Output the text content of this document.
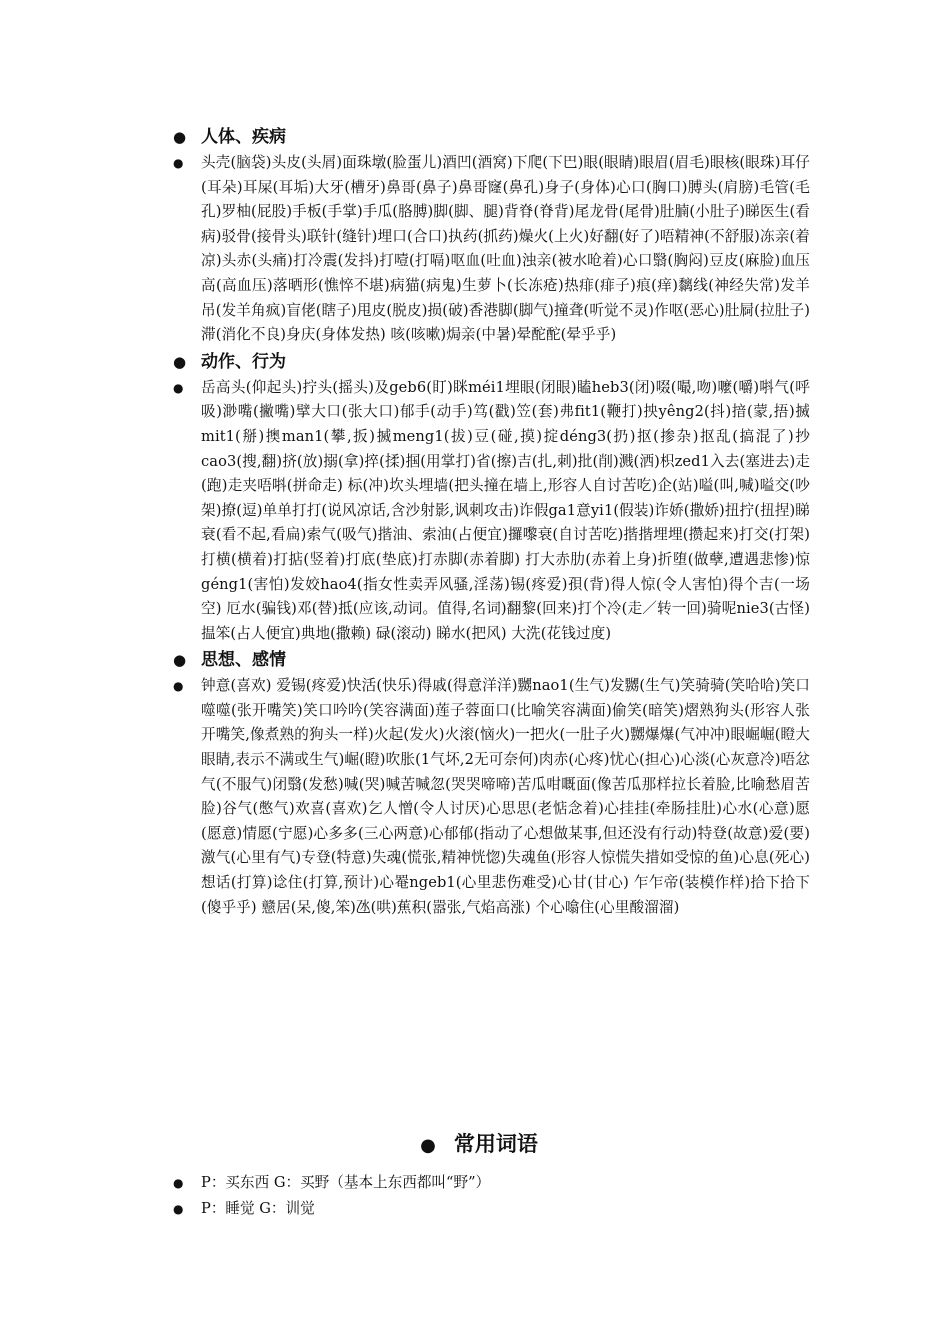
● 人体、疾病
● 头壳(脑袋)头皮(头屑)面珠墩(脸蛋儿)酒凹(酒窝)下爬(下巴)眼(眼睛)眼眉(眉毛)眼核(眼珠)耳仔(耳朵)耳屎(耳垢)大牙(槽牙)鼻哥(鼻子)鼻哥窿(鼻孔)身子(身体)心口(胸口)膊头(肩膀)毛管(毛孔)罗柚(屁股)手板(手掌)手瓜(胳膊)脚(脚、腿)背脊(脊背)尾龙骨(尾骨)肚腩(小肚子)睇医生(看病)驳骨(接骨头)联针(缝针)埋口(合口)执药(抓药)燥火(上火)好翻(好了)唔精神(不舒服)冻亲(着凉)头赤(头痛)打冷震(发抖)打噎(打嗝)呕血(吐血)浊亲(被水呛着)心口翳(胸闷)豆皮(麻脸)血压高(高血压)落晒形(憔悴不堪)病猫(病鬼)生萝卜(长冻疮)热痱(痱子)痕(痒)黐线(神经失常)发羊吊(发羊角疯)盲佬(瞎子)甩皮(脱皮)损(破)香港脚(脚气)撞聋(听觉不灵)作呕(恶心)肚屙(拉肚子)滞(消化不良)身庆(身体发热) 咳(咳嗽)焗亲(中暑)晕酡酡(晕乎乎)
● 动作、行为
● 岳高头(仰起头)拧头(摇头)及geb6(盯)眯méi1埋眼(闭眼)瞌heb3(闭)啜(嘬,吻)嚒(嚼)唞气(呼吸)渺嘴(撇嘴)擘大口(张大口)郁手(动手)笃(戳)笠(套)弗fit1(鞭打)抰yêng2(抖)揞(蒙,捂)搣mit1(掰)擙man1(攀,扳)搣meng1(拔)豆(碰,摸)掟déng3(扔)抠(掺杂)抠乱(搞混了)抄cao3(搜,翻)挤(放)搦(拿)捽(揉)掴(用掌打)省(擦)吉(扎,刺)批(削)溅(洒)枳zed1入去(塞进去)走(跑)走夹唔唞(拼命走) 标(冲)坎头埋墙(把头撞在墙上,形容人自讨苦吃)企(站)嗌(叫,喊)嗌交(吵架)撩(逗)单单打打(说风凉话,含沙射影,讽刺攻击)诈假ga1意yi1(假装)诈娇(撒娇)扭拧(扭捏)睇衰(看不起,看扁)索气(吸气)揩油、索油(占便宜)攞嚟衰(自讨苦吃)揩揩埋埋(攒起来)打交(打架)打横(横着)打掂(竖着)打底(垫底)打赤脚(赤着脚) 打大赤肋(赤着上身)折堕(做孽,遭遇悲惨)惊géng1(害怕)发姣hao4(指女性卖弄风骚,淫荡)锡(疼爱)孭(背)得人惊(令人害怕)得个吉(一场空) 厄水(骗钱)邓(替)抵(应该,动词。值得,名词)翻黎(回来)打个冷(走／转一回)骑呢nie3(古怪)揾笨(占人便宜)典地(撒赖) 碌(滚动) 睇水(把风) 大洗(花钱过度)
● 思想、感情
● 钟意(喜欢) 爱锡(疼爱)快活(快乐)得戚(得意洋洋)嬲nao1(生气)发嬲(生气)笑骑骑(笑哈哈)笑口噬噬(张开嘴笑)笑口吟吟(笑容满面)莲子蓉面口(比喻笑容满面)偷笑(暗笑)熠熟狗头(形容人张开嘴笑,像煮熟的狗头一样)火起(发火)火滚(恼火)一把火(一肚子火)嬲爆爆(气冲冲)眼崛崛(瞪大眼睛,表示不满或生气)崛(瞪)吹胀(1气坏,2无可奈何)肉赤(心疼)忧心(担心)心淡(心灰意冷)唔忿气(不服气)闭翳(发愁)喊(哭)喊苦喊忽(哭哭啼啼)苦瓜咁嘅面(像苦瓜那样拉长着脸,比喻愁眉苦脸)谷气(憋气)欢喜(喜欢)乞人憎(令人讨厌)心思思(老惦念着)心挂挂(牵肠挂肚)心水(心意)愿(愿意)情愿(宁愿)心多多(三心两意)心郁郁(指动了心想做某事,但还没有行动)特登(故意)爱(要)激气(心里有气)专登(特意)失魂(慌张,精神恍惚)失魂鱼(形容人惊慌失措如受惊的鱼)心息(死心)想话(打算)谂住(打算,预计)心罨ngeb1(心里悲伤难受)心甘(甘心) 乍乍帝(装模作样)拾下拾下(傻乎乎) 戆居(呆,傻,笨)氹(哄)蕉积(嚣张,气焰高涨) 个心噏住(心里酸溜溜)
● 常用词语
● P：买东西 G：买野（基本上东西都叫“野”）
● P：睡觉 G：训觉
